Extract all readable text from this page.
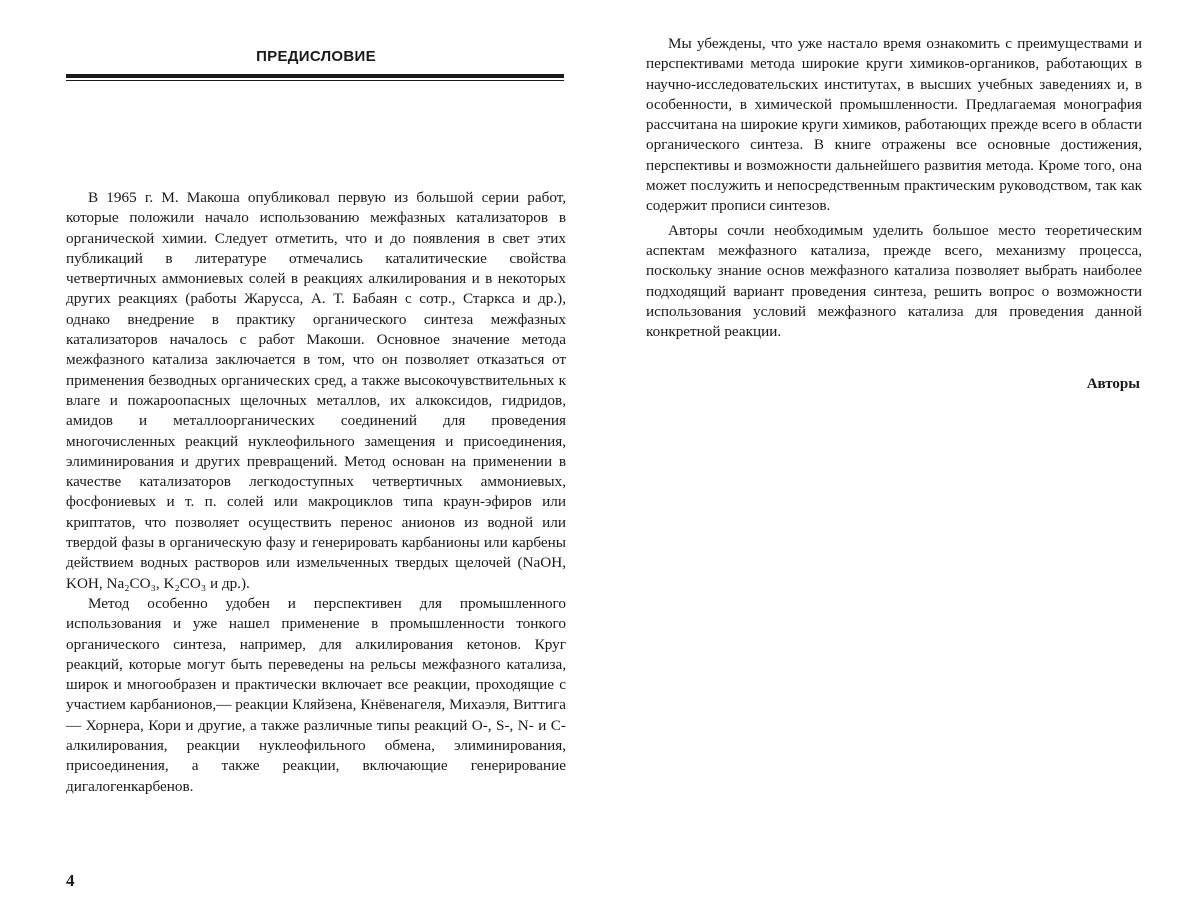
ПРЕДИСЛОВИЕ

В 1965 г. М. Макоша опубликовал первую из большой серии работ, которые положили начало использованию межфазных катализаторов в органической химии. Следует отметить, что и до появления в свет этих публикаций в литературе отмечались каталитические свойства четвертичных аммониевых солей в реакциях алкилирования и в некоторых других реакциях (работы Жарусса, А. Т. Бабаян с сотр., Старкса и др.), однако внедрение в практику органического синтеза межфазных катализаторов началось с работ Макоши. Основное значение метода межфазного катализа заключается в том, что он позволяет отказаться от применения безводных органических сред, а также высокочувствительных к влаге и пожароопасных щелочных металлов, их алкоксидов, гидридов, амидов и металлоорганических соединений для проведения многочисленных реакций нуклеофильного замещения и присоединения, элиминирования и других превращений. Метод основан на применении в качестве катализаторов легкодоступных четвертичных аммониевых, фосфониевых и т. п. солей или макроциклов типа краун-эфиров или криптатов, что позволяет осуществить перенос анионов из водной или твердой фазы в органическую фазу и генерировать карбанионы или карбены действием водных растворов или измельченных твердых щелочей (NaOH, KOH, Na₂CO₃, K₂CO₃ и др.).

Метод особенно удобен и перспективен для промышленного использования и уже нашел применение в промышленности тонкого органического синтеза, например, для алкилирования кетонов. Круг реакций, которые могут быть переведены на рельсы межфазного катализа, широк и многообразен и практически включает все реакции, проходящие с участием карбанионов,— реакции Кляйзена, Кнёвенагеля, Михаэля, Виттига — Хорнера, Кори и другие, а также различные типы реакций O-, S-, N- и C-алкилирования, реакции нуклеофильного обмена, элиминирования, присоединения, а также реакции, включающие генерирование дигалогенкарбенов.

4

Мы убеждены, что уже настало время ознакомить с преимуществами и перспективами метода широкие круги химиков-органиков, работающих в научно-исследовательских институтах, в высших учебных заведениях и, в особенности, в химической промышленности. Предлагаемая монография рассчитана на широкие круги химиков, работающих прежде всего в области органического синтеза. В книге отражены все основные достижения, перспективы и возможности дальнейшего развития метода. Кроме того, она может послужить и непосредственным практическим руководством, так как содержит прописи синтезов.

Авторы сочли необходимым уделить большое место теоретическим аспектам межфазного катализа, прежде всего, механизму процесса, поскольку знание основ межфазного катализа позволяет выбрать наиболее подходящий вариант проведения синтеза, решить вопрос о возможности использования условий межфазного катализа для проведения данной конкретной реакции.

Авторы
